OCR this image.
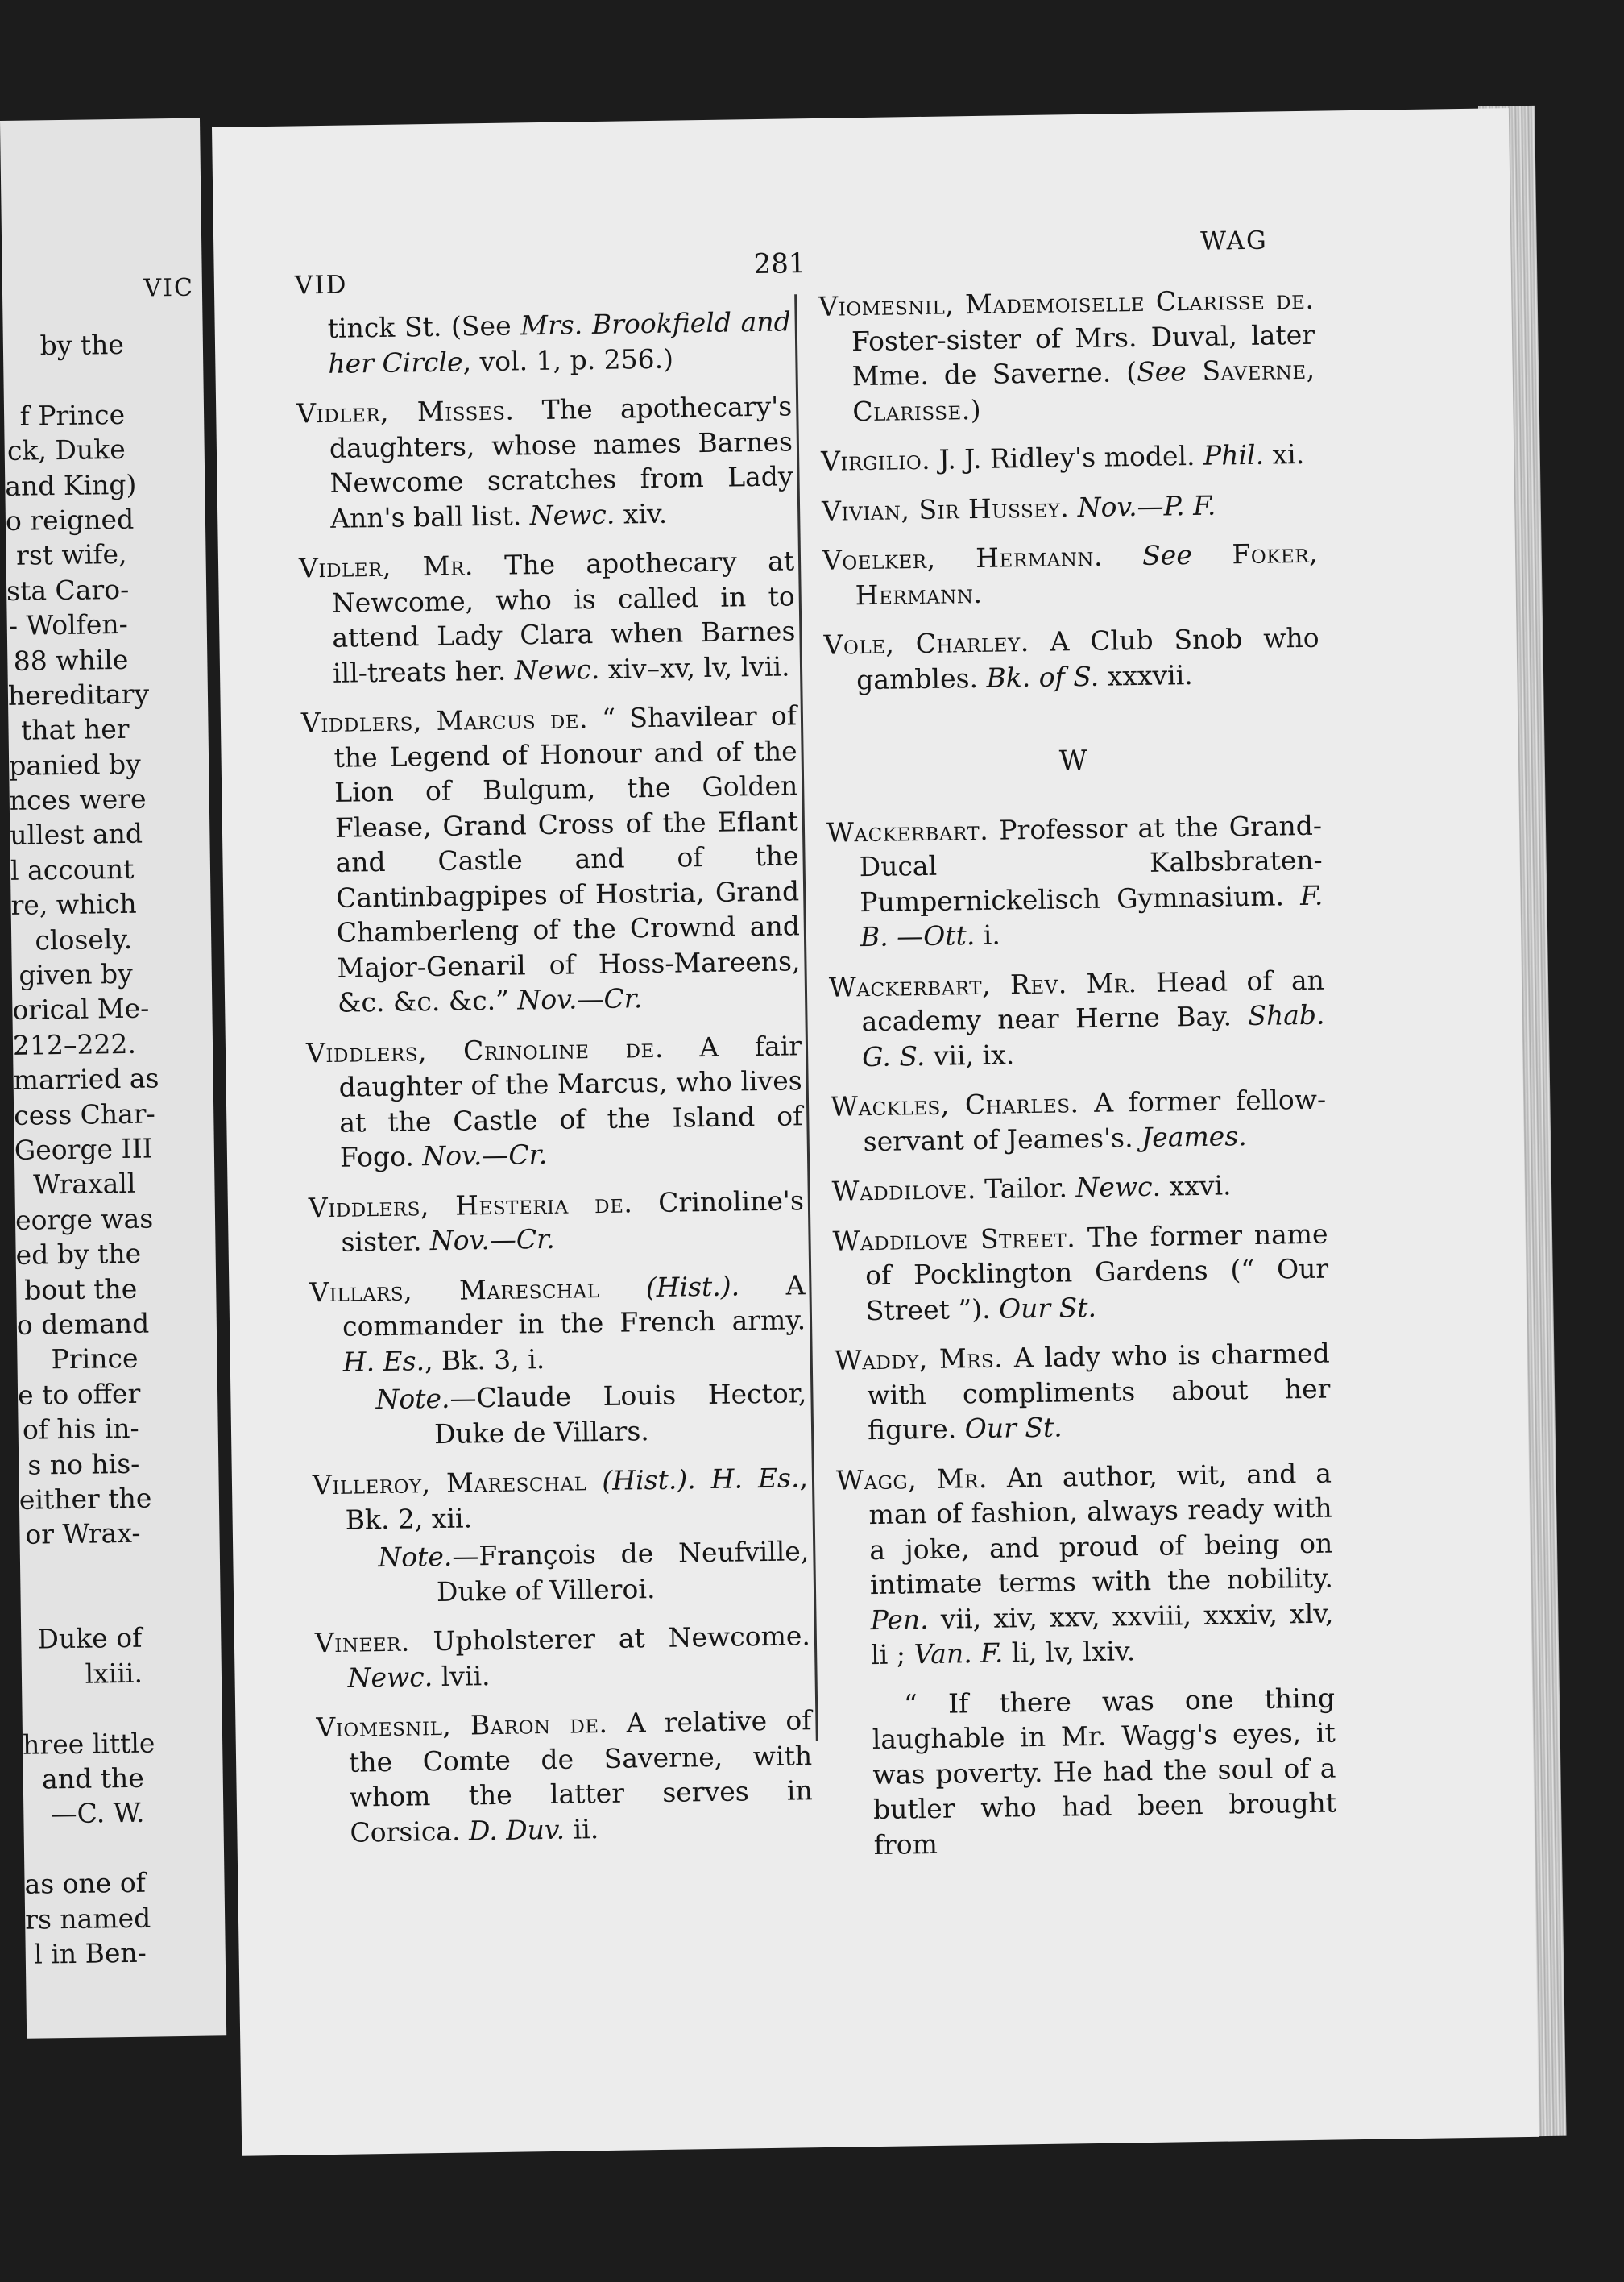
VIC
by the
f Prince
ck, Duke
and King)
o reigned
rst wife,
sta Caro-
- Wolfen-
88 while
hereditary
that her
panied by
nces were
ullest and
l account
re, which
closely.
given by
orical Me-
212–222.
married as
cess Char-
George III
Wraxall
eorge was
ed by the
bout the
o demand
Prince
e to offer
of his in-
s no his-
either the
or Wrax-
Duke of
lxiii.
hree little
and the
—C. W.
as one of
rs named
l in Ben-
VID
281
WAG

tinck St. (See Mrs. Brookfield and her Circle, vol. 1, p. 256.)

Vidler, Misses. The apothecary's daughters, whose names Barnes Newcome scratches from Lady Ann's ball list. Newc. xiv.

Vidler, Mr. The apothecary at Newcome, who is called in to attend Lady Clara when Barnes ill-treats her. Newc. xiv–xv, lv, lvii.

Viddlers, Marcus de. “ Shavilear of the Legend of Honour and of the Lion of Bulgum, the Golden Flease, Grand Cross of the Eflant and Castle and of the Cantinbagpipes of Hostria, Grand Chamberleng of the Crownd and Major-Genaril of Hoss-Mareens, &c. &c. &c.” Nov.—Cr.

Viddlers, Crinoline de. A fair daughter of the Marcus, who lives at the Castle of the Island of Fogo. Nov.—Cr.

Viddlers, Hesteria de. Crinoline's sister. Nov.—Cr.

Villars, Mareschal (Hist.). A commander in the French army. H. Es., Bk. 3, i.
Note.—Claude Louis Hector, Duke de Villars.

Villeroy, Mareschal (Hist.). H. Es., Bk. 2, xii.
Note.—François de Neufville, Duke of Villeroi.

Vineer. Upholsterer at Newcome. Newc. lvii.

Viomesnil, Baron de. A relative of the Comte de Saverne, with whom the latter serves in Corsica. D. Duv. ii.

Viomesnil, Mademoiselle Clarisse de. Foster-sister of Mrs. Duval, later Mme. de Saverne. (See Saverne, Clarisse.)

Virgilio. J. J. Ridley's model. Phil. xi.

Vivian, Sir Hussey. Nov.—P. F.

Voelker, Hermann. See Foker, Hermann.

Vole, Charley. A Club Snob who gambles. Bk. of S. xxxvii.

W

Wackerbart. Professor at the Grand-Ducal Kalbsbraten-Pumpernickelisch Gymnasium. F. B. —Ott. i.

Wackerbart, Rev. Mr. Head of an academy near Herne Bay. Shab. G. S. vii, ix.

Wackles, Charles. A former fellow-servant of Jeames's. Jeames.

Waddilove. Tailor. Newc. xxvi.

Waddilove Street. The former name of Pocklington Gardens (“ Our Street ”). Our St.

Waddy, Mrs. A lady who is charmed with compliments about her figure. Our St.

Wagg, Mr. An author, wit, and a man of fashion, always ready with a joke, and proud of being on intimate terms with the nobility. Pen. vii, xiv, xxv, xxviii, xxxiv, xlv, li ; Van. F. li, lv, lxiv.

“ If there was one thing laughable in Mr. Wagg's eyes, it was poverty. He had the soul of a butler who had been brought from
